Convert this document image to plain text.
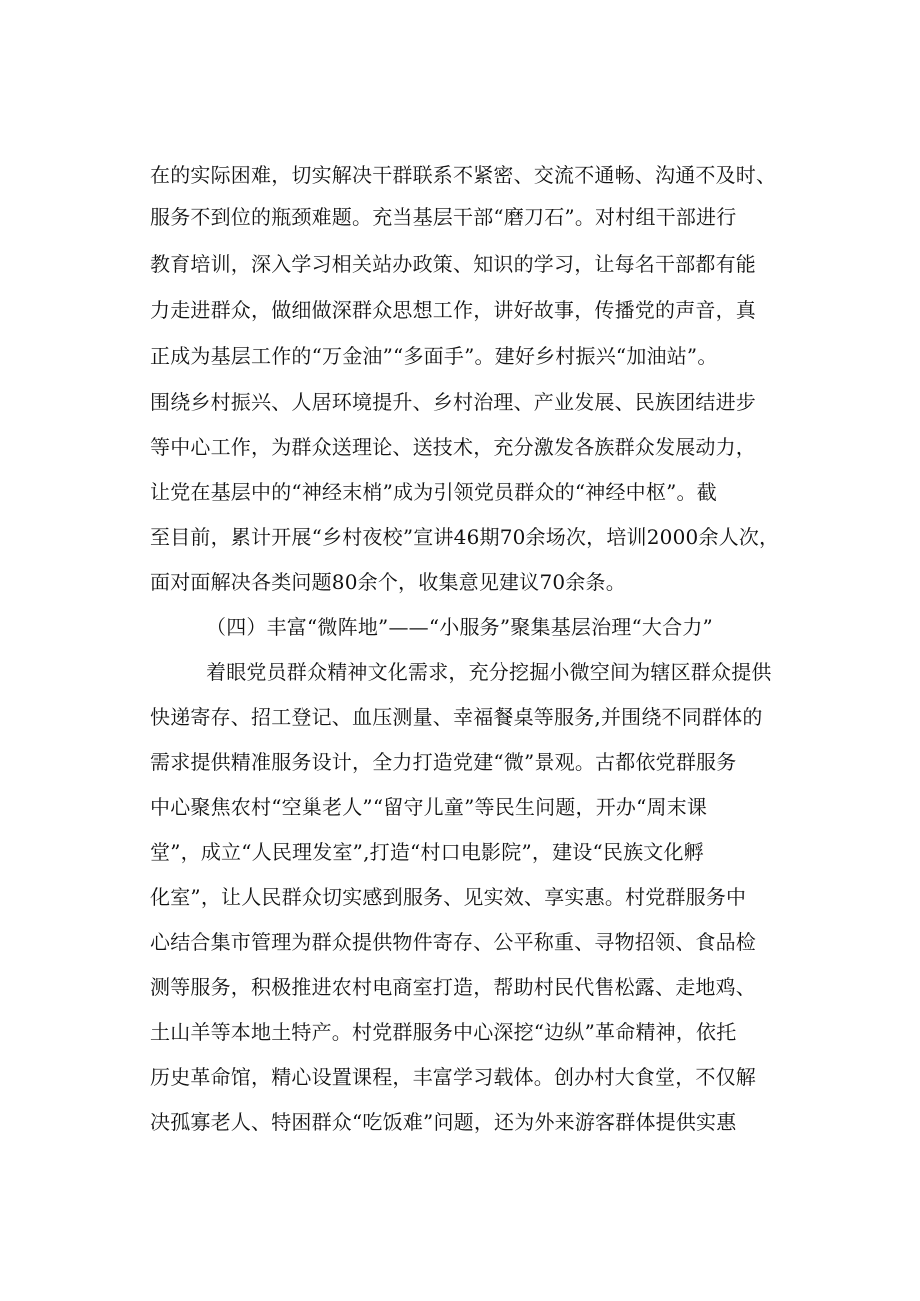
在的实际困难，切实解决干群联系不紧密、交流不通畅、沟通不及时、
服务不到位的瓶颈难题。充当基层干部“磨刀石”。对村组干部进行
教育培训，深入学习相关站办政策、知识的学习，让每名干部都有能
力走进群众，做细做深群众思想工作，讲好故事，传播党的声音，真
正成为基层工作的“万金油”“多面手”。建好乡村振兴“加油站”。
围绕乡村振兴、人居环境提升、乡村治理、产业发展、民族团结进步
等中心工作，为群众送理论、送技术，充分激发各族群众发展动力，
让党在基层中的“神经末梢”成为引领党员群众的“神经中枢”。截
至目前，累计开展“乡村夜校”宣讲46期70余场次，培训2000余人次，
面对面解决各类问题80余个，收集意见建议70余条。
（四）丰富“微阵地”——“小服务”聚集基层治理“大合力”
着眼党员群众精神文化需求，充分挖掘小微空间为辖区群众提供
快递寄存、招工登记、血压测量、幸福餐桌等服务,并围绕不同群体的
需求提供精准服务设计，全力打造党建“微”景观。古都依党群服务
中心聚焦农村“空巢老人”“留守儿童”等民生问题，开办“周末课
堂”，成立“人民理发室”,打造“村口电影院”，建设“民族文化孵
化室”，让人民群众切实感到服务、见实效、享实惠。村党群服务中
心结合集市管理为群众提供物件寄存、公平称重、寻物招领、食品检
测等服务，积极推进农村电商室打造，帮助村民代售松露、走地鸡、
土山羊等本地土特产。村党群服务中心深挖“边纵”革命精神，依托
历史革命馆，精心设置课程，丰富学习载体。创办村大食堂，不仅解
决孤寡老人、特困群众“吃饭难”问题，还为外来游客群体提供实惠
